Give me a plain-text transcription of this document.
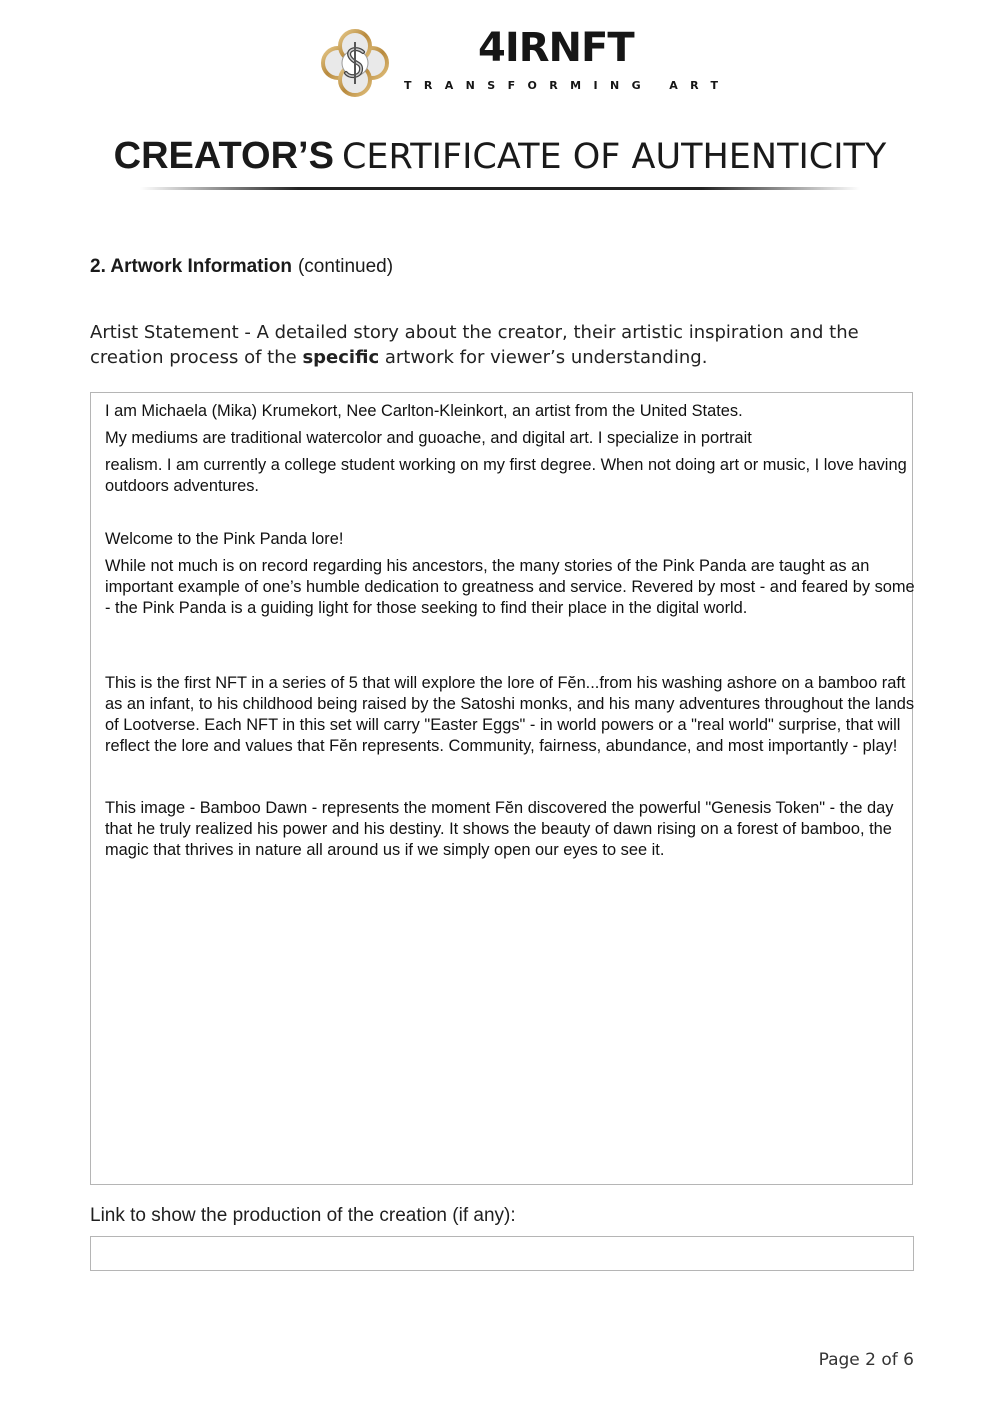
4IRNFT
TRANSFORMING ART
CREATOR’S CERTIFICATE OF AUTHENTICITY
2. Artwork Information (continued)
Artist Statement - A detailed story about the creator, their artistic inspiration and the
creation process of the specific artwork for viewer’s understanding.

I am Michaela (Mika) Krumekort, Nee Carlton-Kleinkort, an artist from the United States.

My mediums are traditional watercolor and guoache, and digital art. I specialize in portrait

realism. I am currently a college student working on my first degree. When not doing art or music, I love having outdoors adventures.

Welcome to the Pink Panda lore!

While not much is on record regarding his ancestors, the many stories of the Pink Panda are taught as an important example of one’s humble dedication to greatness and service. Revered by most - and feared by some - the Pink Panda is a guiding light for those seeking to find their place in the digital world.

This is the first NFT in a series of 5 that will explore the lore of Fĕn...from his washing ashore on a bamboo raft as an infant, to his childhood being raised by the Satoshi monks, and his many adventures throughout the lands of Lootverse. Each NFT in this set will carry "Easter Eggs" - in world powers or a "real world" surprise, that will reflect the lore and values that Fĕn represents. Community, fairness, abundance, and most importantly - play!

This image - Bamboo Dawn - represents the moment Fĕn discovered the powerful "Genesis Token" - the day that he truly realized his power and his destiny. It shows the beauty of dawn rising on a forest of bamboo, the magic that thrives in nature all around us if we simply open our eyes to see it.

Link to show the production of the creation (if any):
Page 2 of 6
